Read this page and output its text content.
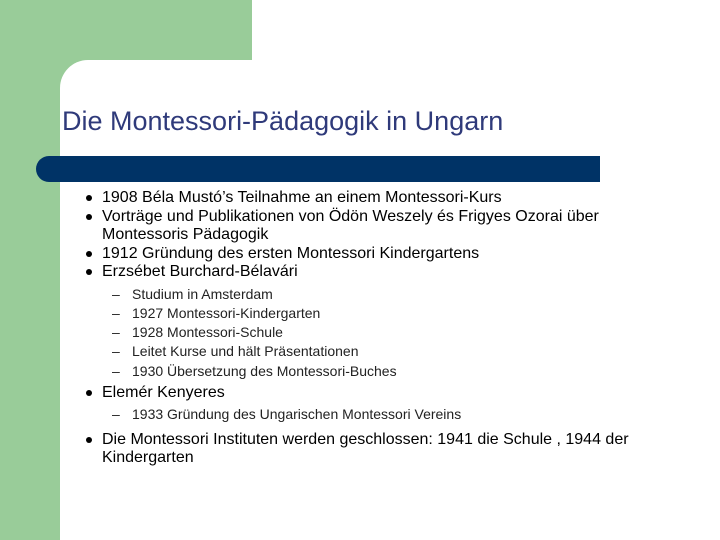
Die Montessori-Pädagogik in Ungarn
1908 Béla Mustó’s Teilnahme an einem Montessori-Kurs
Vorträge und Publikationen von Ödön Weszely és Frigyes Ozorai über Montessoris Pädagogik
1912 Gründung des ersten Montessori Kindergartens
Erzsébet Burchard-Bélavári
– Studium in Amsterdam
– 1927 Montessori-Kindergarten
– 1928 Montessori-Schule
– Leitet Kurse und hält Präsentationen
– 1930 Übersetzung des Montessori-Buches
Elemér Kenyeres
– 1933 Gründung des Ungarischen Montessori Vereins
Die Montessori Instituten werden geschlossen: 1941 die Schule , 1944 der Kindergarten
